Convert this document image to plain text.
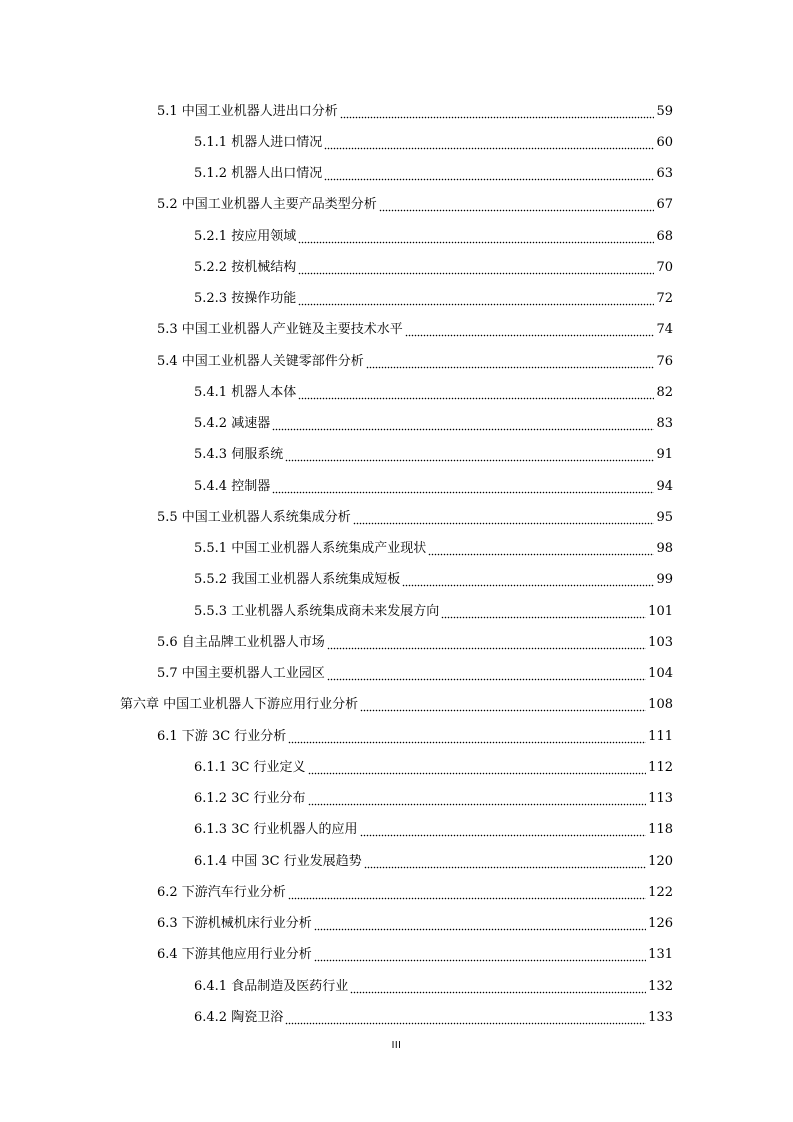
5.1 中国工业机器人进出口分析	59
5.1.1 机器人进口情况	60
5.1.2 机器人出口情况	63
5.2 中国工业机器人主要产品类型分析	67
5.2.1 按应用领域	68
5.2.2 按机械结构	70
5.2.3 按操作功能	72
5.3 中国工业机器人产业链及主要技术水平	74
5.4 中国工业机器人关键零部件分析	76
5.4.1 机器人本体	82
5.4.2 减速器	83
5.4.3 伺服系统	91
5.4.4 控制器	94
5.5 中国工业机器人系统集成分析	95
5.5.1 中国工业机器人系统集成产业现状	98
5.5.2 我国工业机器人系统集成短板	99
5.5.3 工业机器人系统集成商未来发展方向	101
5.6 自主品牌工业机器人市场	103
5.7 中国主要机器人工业园区	104
第六章 中国工业机器人下游应用行业分析	108
6.1 下游 3C 行业分析	111
6.1.1 3C 行业定义	112
6.1.2 3C 行业分布	113
6.1.3 3C 行业机器人的应用	118
6.1.4 中国 3C 行业发展趋势	120
6.2 下游汽车行业分析	122
6.3 下游机械机床行业分析	126
6.4 下游其他应用行业分析	131
6.4.1 食品制造及医药行业	132
6.4.2 陶瓷卫浴	133
III
